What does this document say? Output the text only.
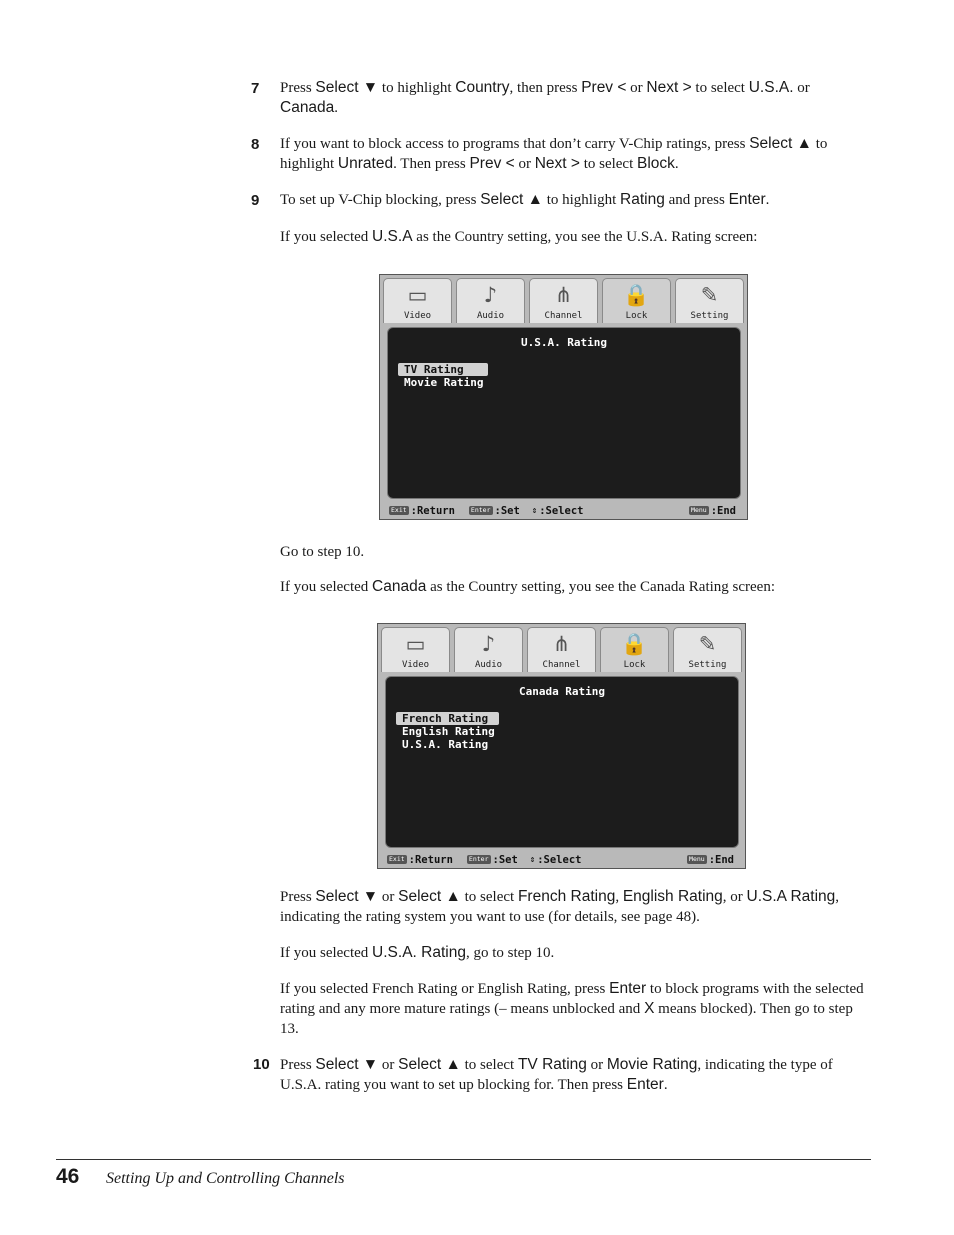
7 Press Select ▼ to highlight Country, then press Prev < or Next > to select U.S.A. or Canada.
8 If you want to block access to programs that don’t carry V-Chip ratings, press Select ▲ to highlight Unrated. Then press Prev < or Next > to select Block.
9 To set up V-Chip blocking, press Select ▲ to highlight Rating and press Enter.
If you selected U.S.A as the Country setting, you see the U.S.A. Rating screen:
▭
Video
♪
Audio
⋔
Channel
🔒
Lock
✎
Setting
U.S.A. Rating
TV Rating
Movie Rating
Exit :Return	Enter :Set ⇕ :Select	Menu :End
Go to step 10.
If you selected Canada as the Country setting, you see the Canada Rating screen:
▭
Video
♪
Audio
⋔
Channel
🔒
Lock
✎
Setting
Canada Rating
French Rating
English Rating
U.S.A. Rating
Exit :Return	Enter :Set ⇕ :Select	Menu :End
Press Select ▼ or Select ▲ to select French Rating, English Rating, or U.S.A Rating, indicating the rating system you want to use (for details, see page 48).
If you selected U.S.A. Rating, go to step 10.
If you selected French Rating or English Rating, press Enter to block programs with the selected rating and any more mature ratings (– means unblocked and X means blocked). Then go to step 13.
10 Press Select ▼ or Select ▲ to select TV Rating or Movie Rating, indicating the type of U.S.A. rating you want to set up blocking for. Then press Enter.
46 Setting Up and Controlling Channels
